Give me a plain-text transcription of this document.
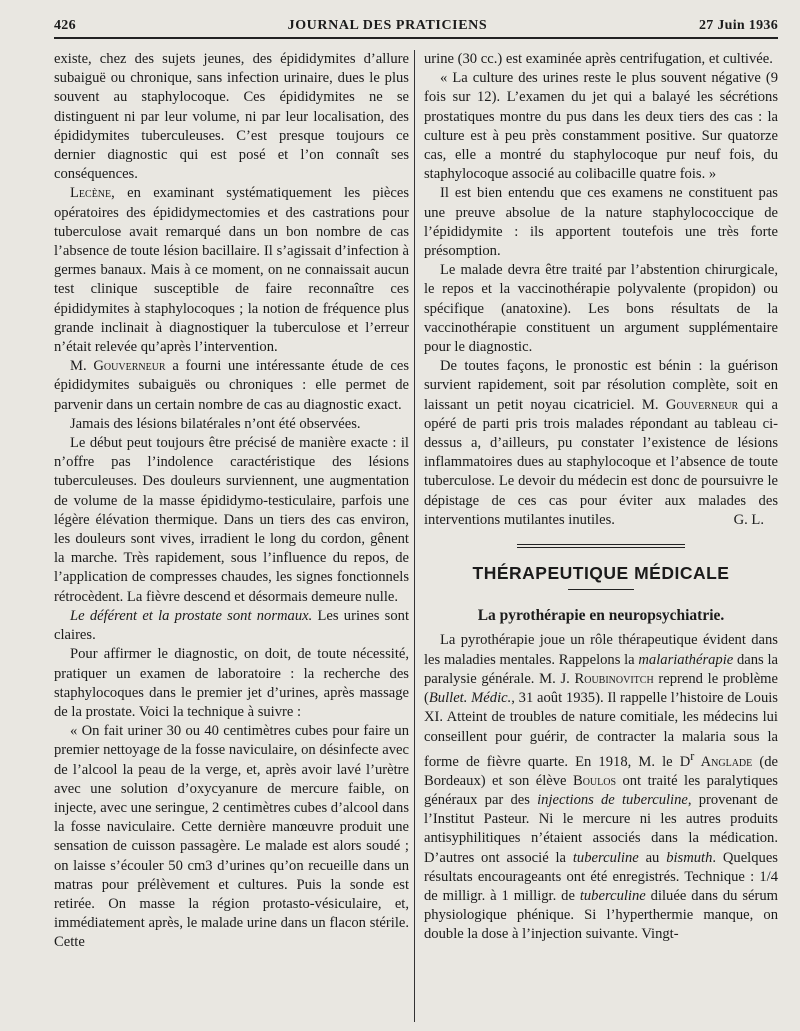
426	JOURNAL DES PRATICIENS	27 Juin 1936

existe, chez des sujets jeunes, des épididymites d’allure subaiguë ou chronique, sans infection urinaire, dues le plus souvent au staphylocoque. Ces épididymites ne se distinguent ni par leur volume, ni par leur localisation, des épididymites tuberculeuses. C’est presque toujours ce dernier diagnostic qui est posé et l’on connaît ses conséquences.

Lecène, en examinant systématiquement les pièces opératoires des épididymectomies et des castrations pour tuberculose avait remarqué dans un bon nombre de cas l’absence de toute lésion bacillaire. Il s’agissait d’infection à germes banaux. Mais à ce moment, on ne connaissait aucun test clinique susceptible de faire reconnaître ces épididymites à staphylocoques ; la notion de fréquence plus grande inclinait à diagnostiquer la tuberculose et l’erreur n’était relevée qu’après l’intervention.

M. Gouverneur a fourni une intéressante étude de ces épididymites subaiguës ou chroniques : elle permet de parvenir dans un certain nombre de cas au diagnostic exact.

Jamais des lésions bilatérales n’ont été observées.

Le début peut toujours être précisé de manière exacte : il n’offre pas l’indolence caractéristique des lésions tuberculeuses. Des douleurs surviennent, une augmentation de volume de la masse épididymo-testiculaire, parfois une légère élévation thermique. Dans un tiers des cas environ, les douleurs sont vives, irradient le long du cordon, gênent la marche. Très rapidement, sous l’influence du repos, de l’application de compresses chaudes, les signes fonctionnels rétrocèdent. La fièvre descend et désormais demeure nulle.

Le déférent et la prostate sont normaux. Les urines sont claires.

Pour affirmer le diagnostic, on doit, de toute nécessité, pratiquer un examen de laboratoire : la recherche des staphylocoques dans le premier jet d’urines, après massage de la prostate. Voici la technique à suivre :

« On fait uriner 30 ou 40 centimètres cubes pour faire un premier nettoyage de la fosse naviculaire, on désinfecte avec de l’alcool la peau de la verge, et, après avoir lavé l’urètre avec une solution d’oxycyanure de mercure faible, on injecte, avec une seringue, 2 centimètres cubes d’alcool dans la fosse naviculaire. Cette dernière manœuvre produit une sensation de cuisson passagère. Le malade est alors soudé ; on laisse s’écouler 50 cm3 d’urines qu’on recueille dans un matras pour prélèvement et cultures. Puis la sonde est retirée. On masse la région protasto-vésiculaire, et, immédiatement après, le malade urine dans un flacon stérile. Cette

urine (30 cc.) est examinée après centrifugation, et cultivée.

« La culture des urines reste le plus souvent négative (9 fois sur 12). L’examen du jet qui a balayé les sécrétions prostatiques montre du pus dans les deux tiers des cas : la culture est à peu près constamment positive. Sur quatorze cas, elle a montré du staphylocoque pur neuf fois, du staphylocoque associé au colibacille quatre fois. »

Il est bien entendu que ces examens ne constituent pas une preuve absolue de la nature staphylococcique de l’épididymite : ils apportent toutefois une très forte présomption.

Le malade devra être traité par l’abstention chirurgicale, le repos et la vaccinothérapie polyvalente (propidon) ou spécifique (anatoxine). Les bons résultats de la vaccinothérapie constituent un argument supplémentaire pour le diagnostic.

De toutes façons, le pronostic est bénin : la guérison survient rapidement, soit par résolution complète, soit en laissant un petit noyau cicatriciel. M. Gouverneur qui a opéré de parti pris trois malades répondant au tableau ci-dessus a, d’ailleurs, pu constater l’existence de lésions inflammatoires dues au staphylocoque et l’absence de toute tuberculose. Le devoir du médecin est donc de poursuivre le dépistage de ces cas pour éviter aux malades des interventions mutilantes inutiles.	G. L.

THÉRAPEUTIQUE MÉDICALE
La pyrothérapie en neuropsychiatrie.

La pyrothérapie joue un rôle thérapeutique évident dans les maladies mentales. Rappelons la malariathérapie dans la paralysie générale. M. J. Roubinovitch reprend le problème (Bullet. Médic., 31 août 1935). Il rappelle l’histoire de Louis XI. Atteint de troubles de nature comitiale, les médecins lui conseillent pour guérir, de contracter la malaria sous la forme de fièvre quarte. En 1918, M. le $D^r$ Anglade (de Bordeaux) et son élève Boulos ont traité les paralytiques généraux par des injections de tuberculine, provenant de l’Institut Pasteur. Ni le mercure ni les autres produits antisyphilitiques n’étaient associés dans la médication. D’autres ont associé la tuberculine au bismuth. Quelques résultats encourageants ont été enregistrés. Technique : 1/4 de milligr. à 1 milligr. de tuberculine diluée dans du sérum physiologique phénique. Si l’hyperthermie manque, on double la dose à l’injection suivante. Vingt-
